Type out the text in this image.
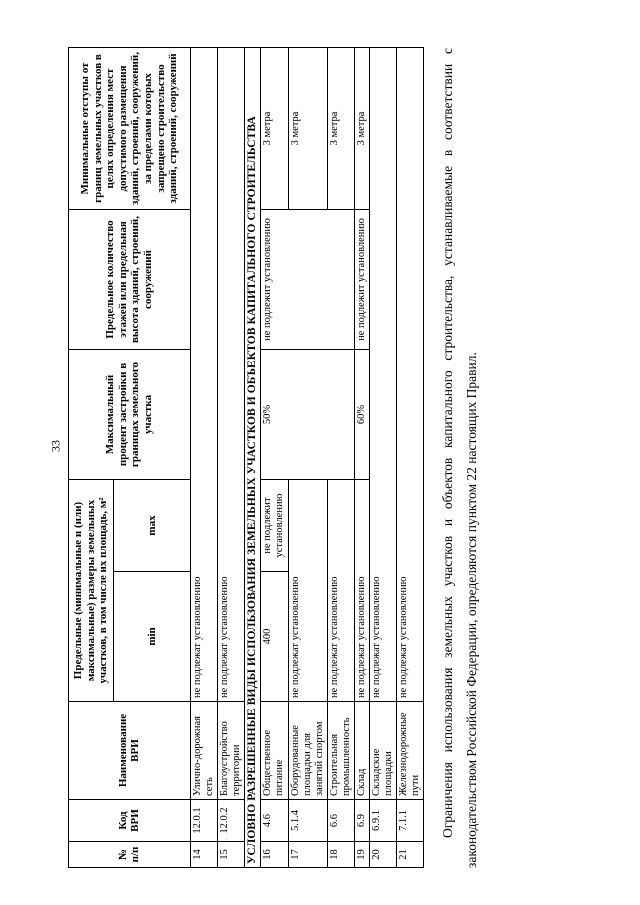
33
№ п/п	Код ВРИ	Наименование ВРИ	Предельные (минимальные и (или) максимальные) размеры земельных участков, в том числе их площадь, м²		Максимальный процент застройки в границах земельного участка	Предельное количество этажей или предельная высота зданий, строений, сооружений	Минимальные отступы от границ земельных участков в целях определения мест допустимого размещения зданий, строений, сооружений, за пределами которых запрещено строительство зданий, строений, сооружений
			min	max			
14	12.0.1	Улично-дорожная сеть	не подлежат установлению				
15	12.0.2	Благоустройство территории	не подлежат установлению				
УСЛОВНО РАЗРЕШЕННЫЕ ВИДЫ ИСПОЛЬЗОВАНИЯ ЗЕМЕЛЬНЫХ УЧАСТКОВ И ОБЪЕКТОВ КАПИТАЛЬНОГО СТРОИТЕЛЬСТВА							
16	4.6	Общественное питание	400	не подлежит установлению	50%	не подлежит установлению	3 метра
17	5.1.4	Оборудованные площадки для занятий спортом	не подлежат установлению				3 метра
18	6.6	Строительная промышленность	не подлежат установлению				3 метра
19	6.9	Склад	не подлежат установлению		60%	не подлежит установлению	3 метра
20	6.9.1	Складские площадки	не подлежат установлению				
21	7.1.1	Железнодорожные пути	не подлежат установлению				Ограничения использования земельных участков и объектов капитального строительства, устанавливаемые в соответствии с законодательством Российской Федерации, определяются пунктом 22 настоящих Правил.
